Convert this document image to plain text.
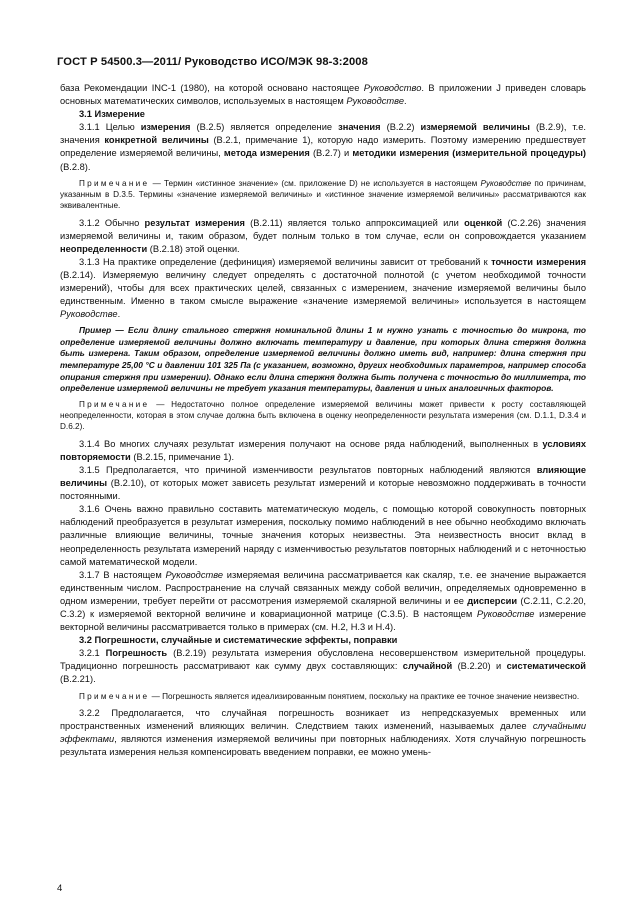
ГОСТ Р 54500.3—2011/ Руководство ИСО/МЭК 98-3:2008

база Рекомендации INC-1 (1980), на которой основано настоящее Руководство. В приложении J приведен словарь основных математических символов, используемых в настоящем Руководстве.

3.1 Измерение

3.1.1 Целью измерения (В.2.5) является определение значения (В.2.2) измеряемой величины (В.2.9), т.е. значения конкретной величины (В.2.1, примечание 1), которую надо измерить. Поэтому измерению предшествует определение измеряемой величины, метода измерения (В.2.7) и методики измерения (измерительной процедуры) (В.2.8).

Примечание — Термин «истинное значение» (см. приложение D) не используется в настоящем Руководстве по причинам, указанным в D.3.5. Термины «значение измеряемой величины» и «истинное значение измеряемой величины» рассматриваются как эквивалентные.

3.1.2 Обычно результат измерения (В.2.11) является только аппроксимацией или оценкой (С.2.26) значения измеряемой величины и, таким образом, будет полным только в том случае, если он сопровождается указанием неопределенности (В.2.18) этой оценки.

3.1.3 На практике определение (дефиниция) измеряемой величины зависит от требований к точности измерения (В.2.14). Измеряемую величину следует определять с достаточной полнотой (с учетом необходимой точности измерений), чтобы для всех практических целей, связанных с измерением, значение измеряемой величины было единственным. Именно в таком смысле выражение «значение измеряемой величины» используется в настоящем Руководстве.

Пример — Если длину стального стержня номинальной длины 1 м нужно узнать с точностью до микрона, то определение измеряемой величины должно включать температуру и давление, при которых длина стержня должна быть измерена. Таким образом, определение измеряемой величины должно иметь вид, например: длина стержня при температуре 25,00 °С и давлении 101 325 Па (с указанием, возможно, других необходимых параметров, например способа опирания стержня при измерении). Однако если длина стержня должна быть получена с точностью до миллиметра, то определение измеряемой величины не требует указания температуры, давления и иных аналогичных факторов.

Примечание — Недостаточно полное определение измеряемой величины может привести к росту составляющей неопределенности, которая в этом случае должна быть включена в оценку неопределенности результата измерения (см. D.1.1, D.3.4 и D.6.2).

3.1.4 Во многих случаях результат измерения получают на основе ряда наблюдений, выполненных в условиях повторяемости (В.2.15, примечание 1).

3.1.5 Предполагается, что причиной изменчивости результатов повторных наблюдений являются влияющие величины (В.2.10), от которых может зависеть результат измерений и которые невозможно поддерживать в точности постоянными.

3.1.6 Очень важно правильно составить математическую модель, с помощью которой совокупность повторных наблюдений преобразуется в результат измерения, поскольку помимо наблюдений в нее обычно необходимо включать различные влияющие величины, точные значения которых неизвестны. Эта неизвестность вносит вклад в неопределенность результата измерений наряду с изменчивостью результатов повторных наблюдений и с неточностью самой математической модели.

3.1.7 В настоящем Руководстве измеряемая величина рассматривается как скаляр, т.е. ее значение выражается единственным числом. Распространение на случай связанных между собой величин, определяемых одновременно в одном измерении, требует перейти от рассмотрения измеряемой скалярной величины и ее дисперсии (С.2.11, С.2.20, С.3.2) к измеряемой векторной величине и ковариационной матрице (С.3.5). В настоящем Руководстве измерение векторной величины рассматривается только в примерах (см. Н.2, Н.3 и Н.4).

3.2 Погрешности, случайные и систематические эффекты, поправки

3.2.1 Погрешность (В.2.19) результата измерения обусловлена несовершенством измерительной процедуры. Традиционно погрешность рассматривают как сумму двух составляющих: случайной (В.2.20) и систематической (В.2.21).

Примечание — Погрешность является идеализированным понятием, поскольку на практике ее точное значение неизвестно.

3.2.2 Предполагается, что случайная погрешность возникает из непредсказуемых временных или пространственных изменений влияющих величин. Следствием таких изменений, называемых далее случайными эффектами, являются изменения измеряемой величины при повторных наблюдениях. Хотя случайную погрешность результата измерения нельзя компенсировать введением поправки, ее можно умень-

4
